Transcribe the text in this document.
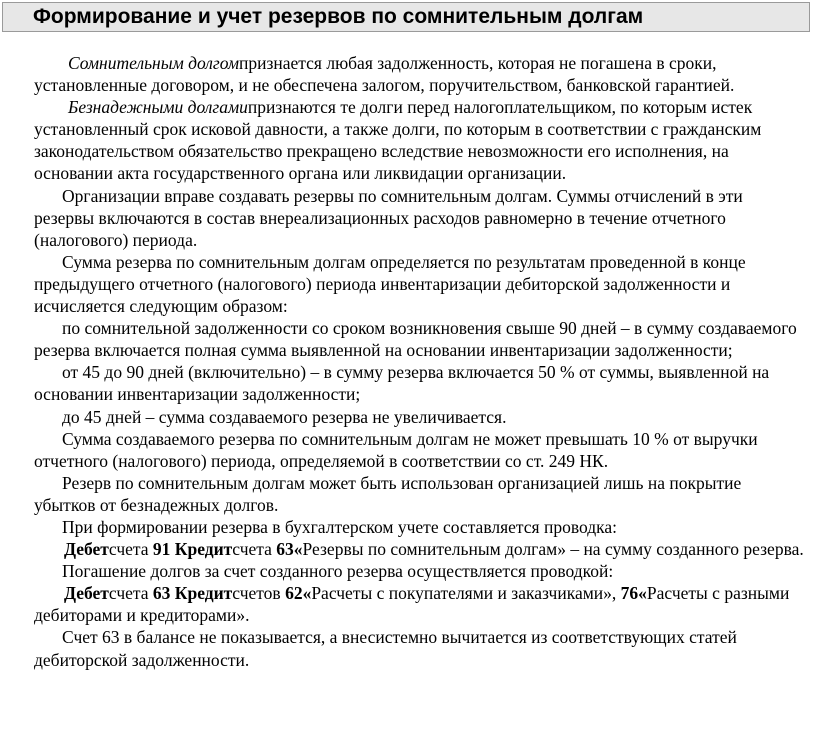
Формирование и учет резервов по сомнительным долгам

Сомнительным долгомпризнается любая задолженность, которая не погашена в сроки, установленные договором, и не обеспечена залогом, поручительством, банковской гарантией.

Безнадежными долгамипризнаются те долги перед налогоплательщиком, по которым истек установленный срок исковой давности, а также долги, по которым в соответствии с гражданским законодательством обязательство прекращено вследствие невозможности его исполнения, на основании акта государственного органа или ликвидации организации.

Организации вправе создавать резервы по сомнительным долгам. Суммы отчислений в эти резервы включаются в состав внереализационных расходов равномерно в течение отчетного (налогового) периода.

Сумма резерва по сомнительным долгам определяется по результатам проведенной в конце предыдущего отчетного (налогового) периода инвентаризации дебиторской задолженности и исчисляется следующим образом:

по сомнительной задолженности со сроком возникновения свыше 90 дней – в сумму создаваемого резерва включается полная сумма выявленной на основании инвентаризации задолженности;

от 45 до 90 дней (включительно) – в сумму резерва включается 50 % от суммы, выявленной на основании инвентаризации задолженности;

до 45 дней – сумма создаваемого резерва не увеличивается.

Сумма создаваемого резерва по сомнительным долгам не может превышать 10 % от выручки отчетного (налогового) периода, определяемой в соответствии со ст. 249 НК.

Резерв по сомнительным долгам может быть использован организацией лишь на покрытие убытков от безнадежных долгов.

При формировании резерва в бухгалтерском учете составляется проводка:

Дебетсчета 91 Кредитсчета 63«Резервы по сомнительным долгам» – на сумму созданного резерва.

Погашение долгов за счет созданного резерва осуществляется проводкой:

Дебетсчета 63 Кредитсчетов 62«Расчеты с покупателями и заказчиками», 76«Расчеты с разными дебиторами и кредиторами».

Счет 63 в балансе не показывается, а внесистемно вычитается из соответствующих статей дебиторской задолженности.
